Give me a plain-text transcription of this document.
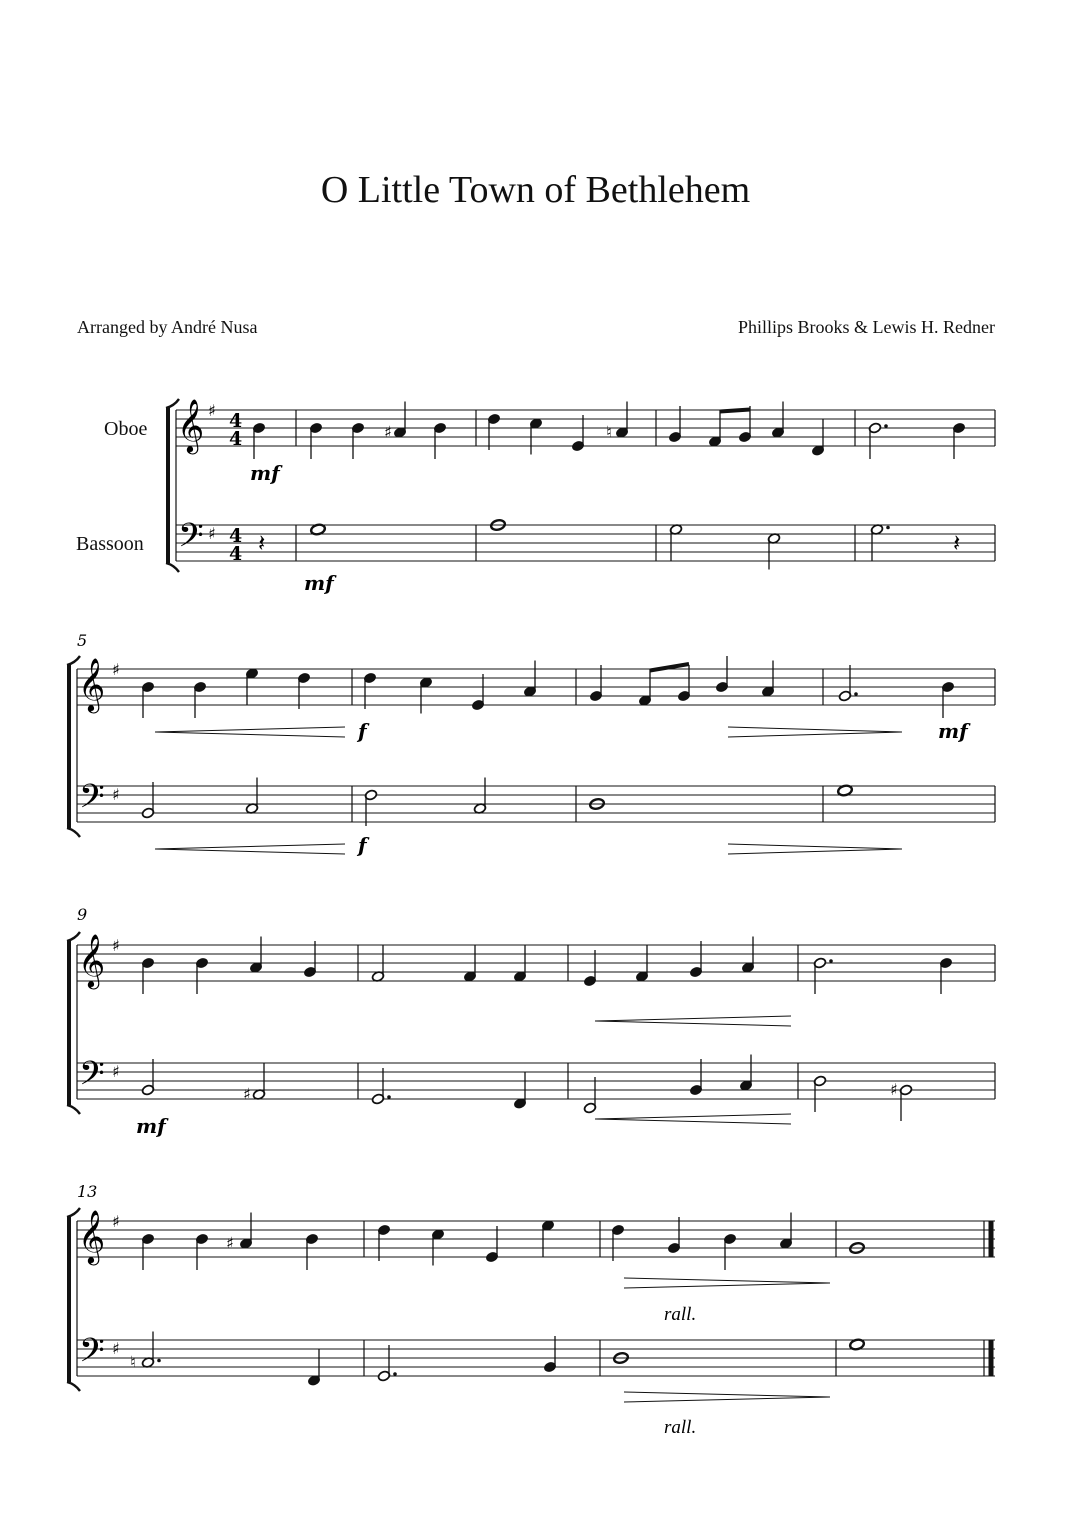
O Little Town of Bethlehem
Arranged by André Nusa	Phillips Brooks & Lewis H. Redner
Oboe
Bassoon
𝄞 ♯ 4
4
𝄢 ♯ 4
4
mf
♯	♮
𝄽
mf
𝄽
5
𝄞 ♯
𝄢 ♯
f	mf
f
9
𝄞 ♯
𝄢 ♯
mf
♯	♯
13
𝄞 ♯
𝄢 ♯
♯
rall.
♮
rall.
